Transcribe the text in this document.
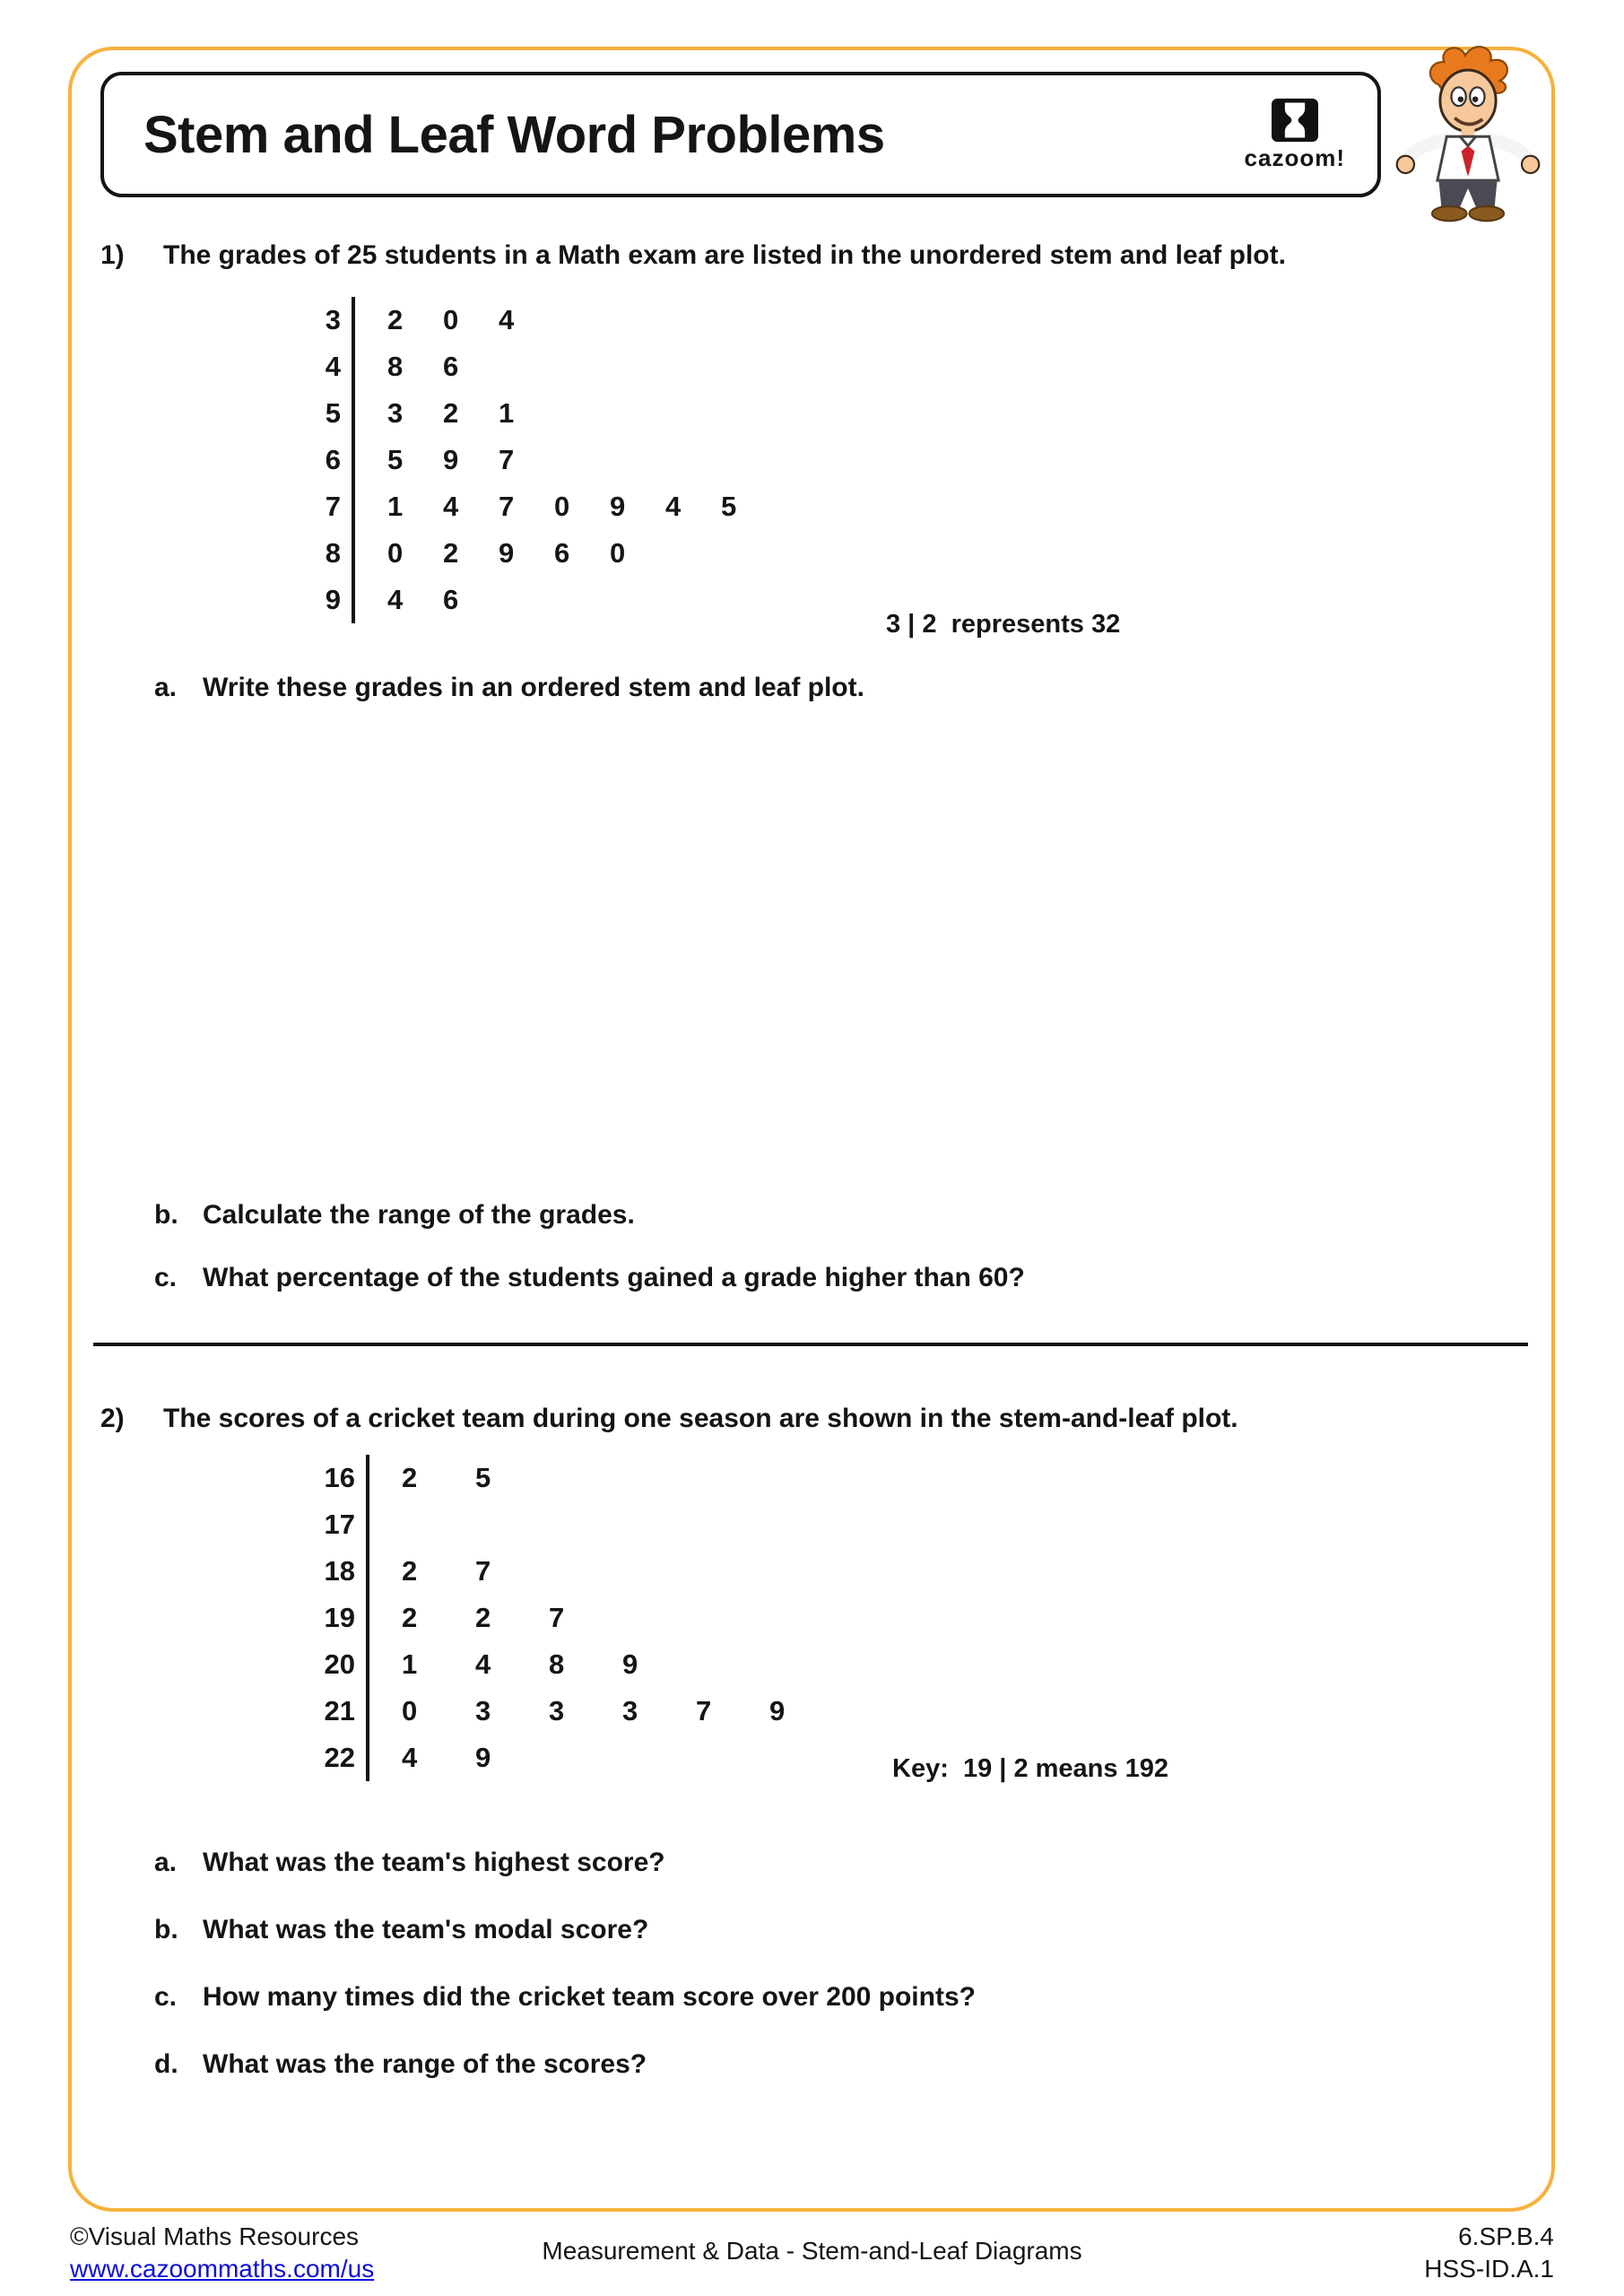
Stem and Leaf Word Problems	cazoom!
1)	The grades of 25 students in a Math exam are listed in the unordered stem and leaf plot.
3 2	0	4
4 8	6
5 3	2	1
6 5	9	7
7 1	4	7	0	9	4	5
8 0	2	9	6	0
9 4	6
3 | 2  represents 32
a. Write these grades in an ordered stem and leaf plot.
b. Calculate the range of the grades.
c. What percentage of the students gained a grade higher than 60?
2)	The scores of a cricket team during one season are shown in the stem-and-leaf plot.
16 2	5
17
18 2	7
19 2	2	7
20 1	4	8	9
21 0	3	3	3	7	9
22 4	9	Key:  19 | 2 means 192
a. What was the team's highest score?
b. What was the team's modal score?
c. How many times did the cricket team score over 200 points?
d. What was the range of the scores?
©Visual Maths Resources
www.cazoommaths.com/us
Measurement & Data - Stem-and-Leaf Diagrams
6.SP.B.4
HSS-ID.A.1
